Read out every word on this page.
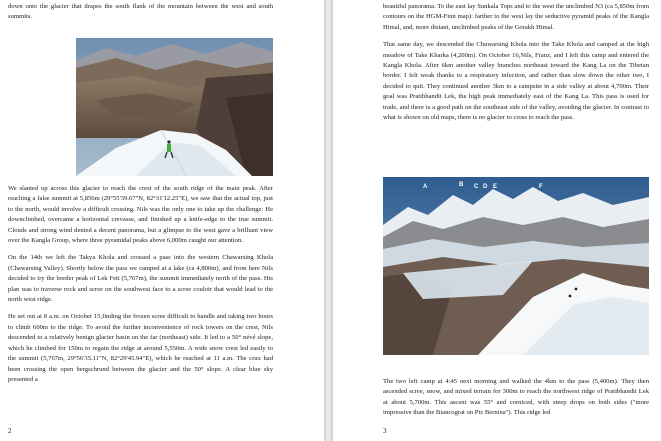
down onto the glacier that drapes the south flank of the mountain between the west and south summits.

We slanted up across this glacier to reach the crest of the south ridge of the main peak. After reaching a false summit at 5,856m (29°55'39.67"N, 82°31'12.25"E), we saw that the actual top, just to the north, would involve a difficult crossing. Nils was the only one to take up the challenge: He downclimbed, overcame a horizontal crevasse, and finished up a knife-edge to the true summit. Clouds and strong wind denied a decent panorama, but a glimpse to the west gave a brilliant view over the Kangla Group, where three pyramidal peaks above 6,000m caught our attention.

On the 14th we left the Takya Khola and crossed a pass into the western Chawarsing Khola (Chawarsing Valley). Shortly below the pass we camped at a lake (ca 4,800m), and from here Nils decided to try the border peak of Lek Fett (5,767m), the summit immediately north of the pass. His plan was to traverse rock and scree on the southwest face to a scree couloir that would lead to the north west ridge.

He set out at 8 a.m. on October 15,finding the frozen scree difficult to handle and taking two hours to climb 600m to the ridge. To avoid the further inconvenience of rock towers on the crest, Nils descended to a relatively benign glacier basin on the far (northeast) side. It led to a 50° névé slope, which he climbed for 150m to regain the ridge at around 5,550m. A wide snow crest led easily to the summit (5,767m, 29°56'35.11"N, 82°29'45.94"E), which he reached at 11 a.m. The crux had been crossing the open bergschrund between the glacier and the 50° slope. A clear blue sky presented a

2

beautiful panorama. To the east lay Sunkala Tops and to the west the unclimbed N3 (ca 5,850m from contours on the HGM-Finn map): farther to the west lay the seductive pyramid peaks of the Kangla Himal, and, more distant, unclimbed peaks of the Gorakh Himal.

That same day, we descended the Chuwarsing Khola into the Take Khola and camped at the high meadow of Take Kharka (4,200m). On October 16,Nils, Franz, and I left this camp and entered the Kangla Khola. After 6km another valley branches northeast toward the Kang La on the Tibetan border. I felt weak thanks to a respiratory infection, and rather than slow down the other two, I decided to quit. They continued another 3km to a campsite in a side valley at about 4,700m. Their goal was Pratibhandit Lek, the high peak immediately east of the Kang La. This pass is used for trade, and there is a good path on the southeast side of the valley, avoiding the glacier. In contrast to what is shown on old maps, there is no glacier to cross to reach the pass.

A	B C D E	F

The two left camp at 4:45 next morning and walked the 4km to the pass (5,400m). They then ascended scree, snow, and mixed terrain for 300m to reach the northwest ridge of Pratibhandit Lek at about 5,700m. This ascent was 55° and corniced, with steep drops on both sides ("more impressive than the Biancograt on Piz Bernina"). This ridge led

3
